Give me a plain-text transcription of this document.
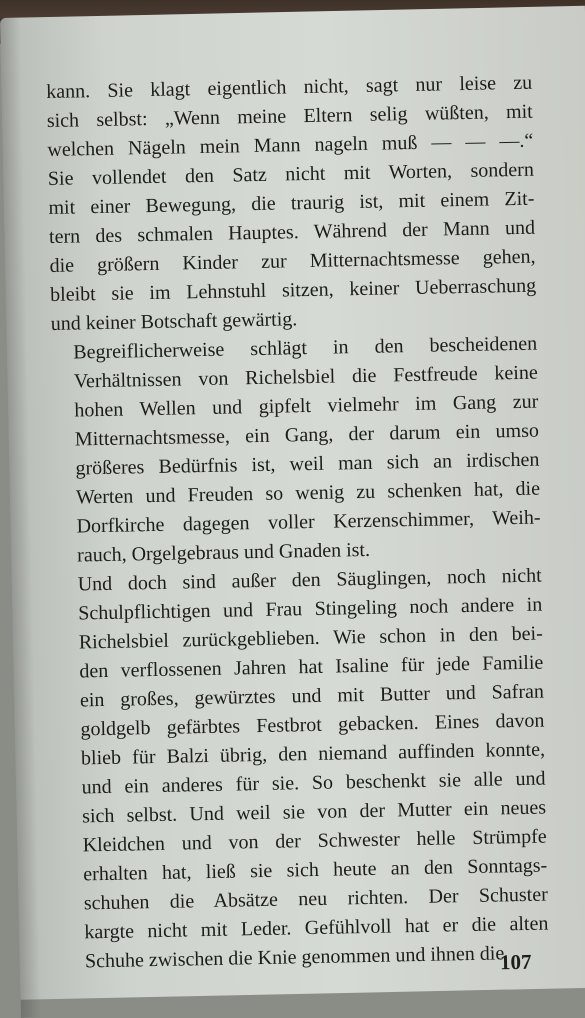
kann. Sie klagt eigentlich nicht, sagt nur leise zu
sich selbst: „Wenn meine Eltern selig wüßten, mit
welchen Nägeln mein Mann nageln muß — — —.“
Sie vollendet den Satz nicht mit Worten, sondern
mit einer Bewegung, die traurig ist, mit einem Zit-
tern des schmalen Hauptes. Während der Mann und
die größern Kinder zur Mitternachtsmesse gehen,
bleibt sie im Lehnstuhl sitzen, keiner Ueberraschung
und keiner Botschaft gewärtig.

Begreiflicherweise schlägt in den bescheidenen
Verhältnissen von Richelsbiel die Festfreude keine
hohen Wellen und gipfelt vielmehr im Gang zur
Mitternachtsmesse, ein Gang, der darum ein umso
größeres Bedürfnis ist, weil man sich an irdischen
Werten und Freuden so wenig zu schenken hat, die
Dorfkirche dagegen voller Kerzenschimmer, Weih-
rauch, Orgelgebraus und Gnaden ist.

Und doch sind außer den Säuglingen, noch nicht
Schulpflichtigen und Frau Stingeling noch andere in
Richelsbiel zurückgeblieben. Wie schon in den bei-
den verflossenen Jahren hat Isaline für jede Familie
ein großes, gewürztes und mit Butter und Safran
goldgelb gefärbtes Festbrot gebacken. Eines davon
blieb für Balzi übrig, den niemand auffinden konnte,
und ein anderes für sie. So beschenkt sie alle und
sich selbst. Und weil sie von der Mutter ein neues
Kleidchen und von der Schwester helle Strümpfe
erhalten hat, ließ sie sich heute an den Sonntags-
schuhen die Absätze neu richten. Der Schuster
kargte nicht mit Leder. Gefühlvoll hat er die alten
Schuhe zwischen die Knie genommen und ihnen die

107
